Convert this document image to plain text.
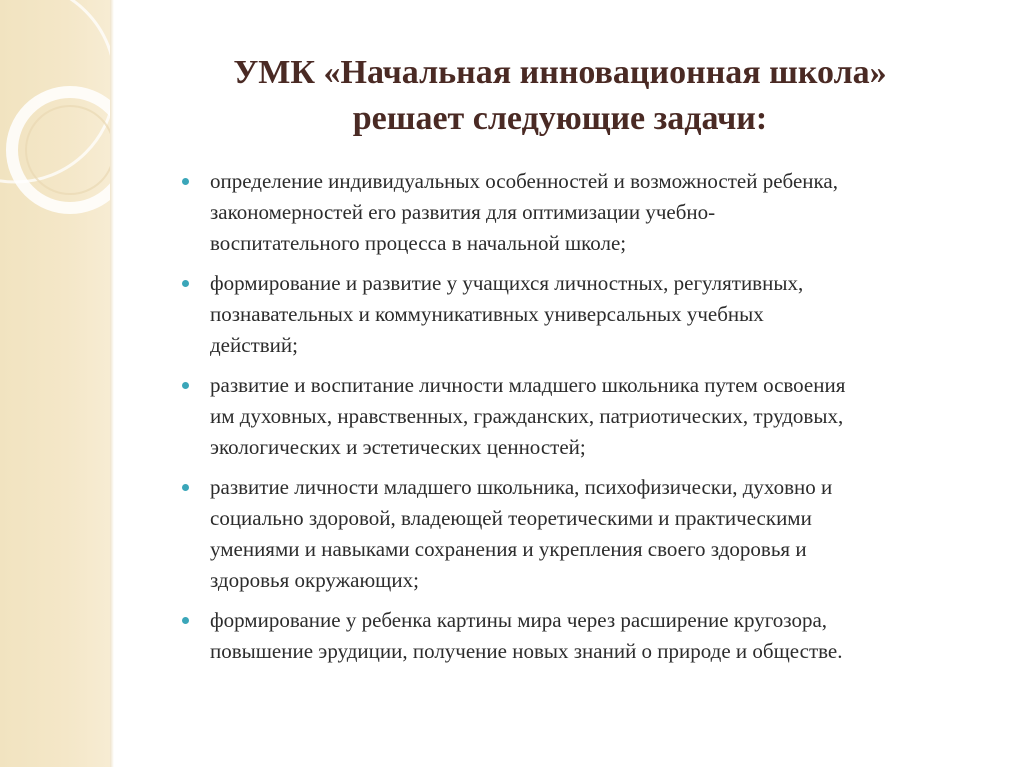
УМК «Начальная инновационная школа»
решает следующие задачи:
определение индивидуальных особенностей и возможностей ребенка,
закономерностей его развития для оптимизации учебно-
воспитательного процесса в начальной школе;
формирование и развитие у учащихся личностных, регулятивных,
познавательных и коммуникативных универсальных учебных
действий;
развитие и воспитание личности младшего школьника путем освоения
им духовных, нравственных, гражданских, патриотических, трудовых,
экологических и эстетических ценностей;
развитие личности младшего школьника, психофизически, духовно и
социально здоровой, владеющей теоретическими и практическими
умениями и навыками сохранения и укрепления своего здоровья и
здоровья окружающих;
формирование у ребенка картины мира через расширение кругозора,
повышение эрудиции, получение новых знаний о природе и обществе.
